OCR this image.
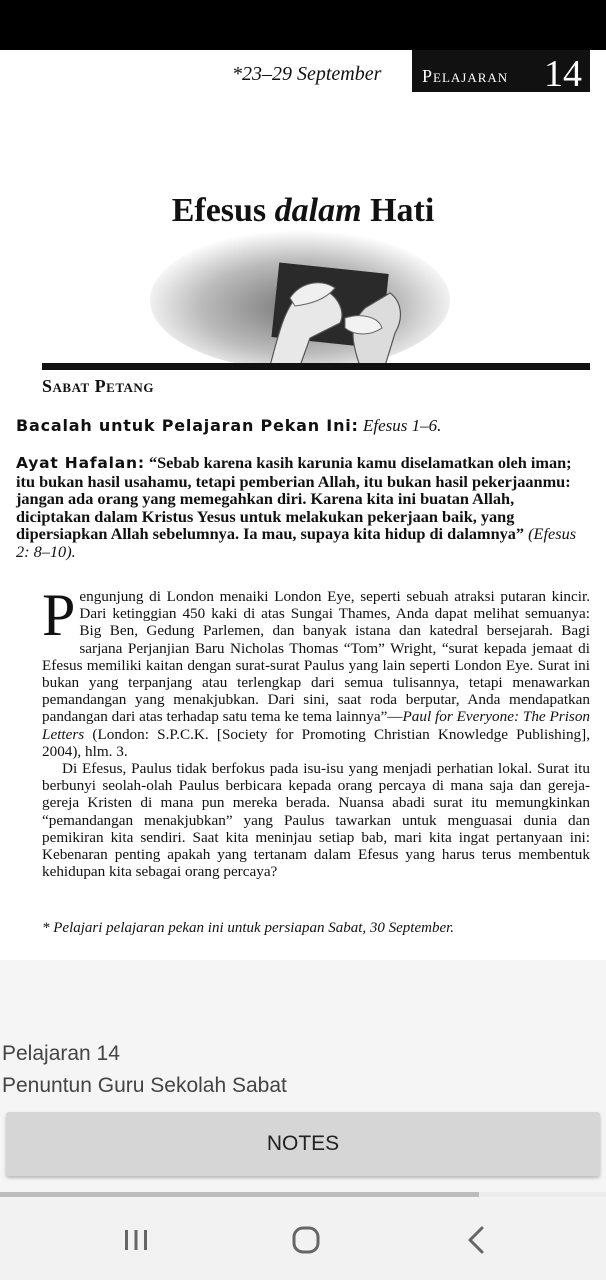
*23–29 September Pelajaran 14
Efesus dalam Hati
Sabat Petang
Bacalah untuk Pelajaran Pekan Ini: Efesus 1–6.
Ayat Hafalan: “Sebab karena kasih karunia kamu diselamatkan oleh iman; itu bukan hasil usahamu, tetapi pemberian Allah, itu bukan hasil pekerjaanmu: jangan ada orang yang memegahkan diri. Karena kita ini buatan Allah, diciptakan dalam Kristus Yesus untuk melakukan pekerjaan baik, yang dipersiapkan Allah sebelumnya. Ia mau, supaya kita hidup di dalamnya” (Efesus 2: 8–10).

Pengunjung di London menaiki London Eye, seperti sebuah atraksi putaran kincir. Dari ketinggian 450 kaki di atas Sungai Thames, Anda dapat melihat semuanya: Big Ben, Gedung Parlemen, dan banyak istana dan katedral bersejarah. Bagi sarjana Perjanjian Baru Nicholas Thomas “Tom” Wright, “surat kepada jemaat di Efesus memiliki kaitan dengan surat-surat Paulus yang lain seperti London Eye. Surat ini bukan yang terpanjang atau terlengkap dari semua tulisannya, tetapi menawarkan pemandangan yang menakjubkan. Dari sini, saat roda berputar, Anda mendapatkan pandangan dari atas terhadap satu tema ke tema lainnya”—Paul for Everyone: The Prison Letters (London: S.P.C.K. [Society for Promoting Christian Knowledge Publishing], 2004), hlm. 3.

Di Efesus, Paulus tidak berfokus pada isu-isu yang menjadi perhatian lokal. Surat itu berbunyi seolah-olah Paulus berbicara kepada orang percaya di mana saja dan gereja-gereja Kristen di mana pun mereka berada. Nuansa abadi surat itu memungkinkan “pemandangan menakjubkan” yang Paulus tawarkan untuk menguasai dunia dan pemikiran kita sendiri. Saat kita meninjau setiap bab, mari kita ingat pertanyaan ini: Kebenaran penting apakah yang tertanam dalam Efesus yang harus terus membentuk kehidupan kita sebagai orang percaya?

* Pelajari pelajaran pekan ini untuk persiapan Sabat, 30 September.
Pelajaran 14
Penuntun Guru Sekolah Sabat
NOTES
